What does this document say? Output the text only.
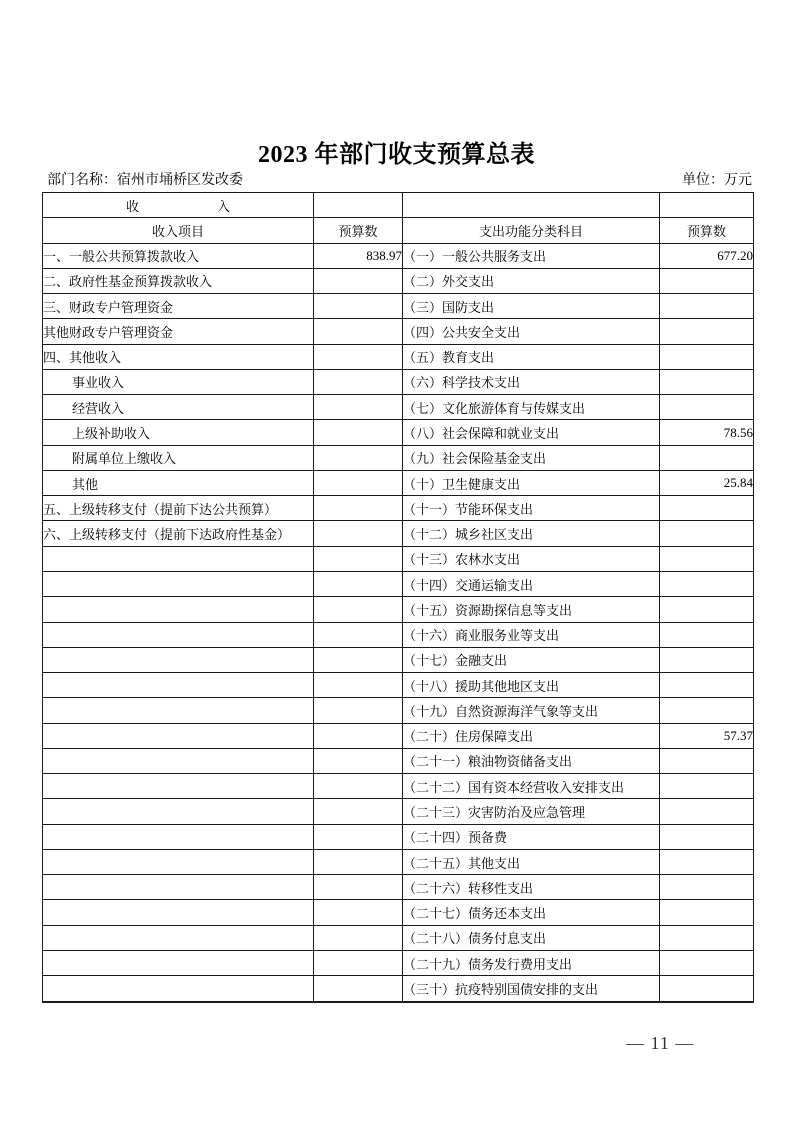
2023 年部门收支预算总表
部门名称：宿州市埇桥区发改委	单位：万元
收　　　　　　入			
收入项目	预算数	支出功能分类科目	预算数
一、一般公共预算拨款收入	838.97	（一）一般公共服务支出	677.20
二、政府性基金预算拨款收入		（二）外交支出	
三、财政专户管理资金		（三）国防支出	
其他财政专户管理资金		（四）公共安全支出	
四、其他收入		（五）教育支出	
事业收入		（六）科学技术支出	
经营收入		（七）文化旅游体育与传媒支出	
上级补助收入		（八）社会保障和就业支出	78.56
附属单位上缴收入		（九）社会保险基金支出	
其他		（十）卫生健康支出	25.84
五、上级转移支付（提前下达公共预算）		（十一）节能环保支出	
六、上级转移支付（提前下达政府性基金）		（十二）城乡社区支出	
		（十三）农林水支出	
		（十四）交通运输支出	
		（十五）资源勘探信息等支出	
		（十六）商业服务业等支出	
		（十七）金融支出	
		（十八）援助其他地区支出	
		（十九）自然资源海洋气象等支出	
		（二十）住房保障支出	57.37
		（二十一）粮油物资储备支出	
		（二十二）国有资本经营收入安排支出	
		（二十三）灾害防治及应急管理	
		（二十四）预备费	
		（二十五）其他支出	
		（二十六）转移性支出	
		（二十七）债务还本支出	
		（二十八）债务付息支出	
		（二十九）债务发行费用支出	
		（三十）抗疫特别国债安排的支出	

— 11 —
